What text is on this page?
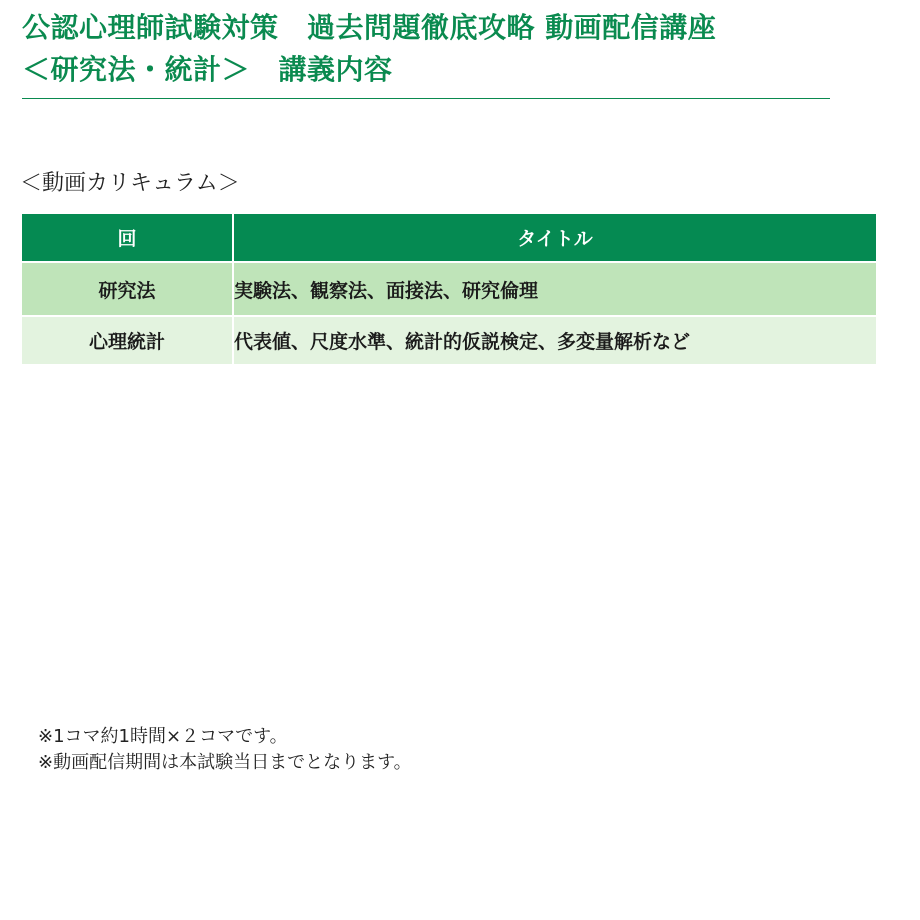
公認心理師試験対策　過去問題徹底攻略 動画配信講座
＜研究法・統計＞　講義内容
＜動画カリキュラム＞
回	タイトル
研究法	実験法、観察法、面接法、研究倫理
心理統計	代表値、尺度水準、統計的仮説検定、多変量解析など
※1コマ約1時間×２コマです。
※動画配信期間は本試験当日までとなります。
